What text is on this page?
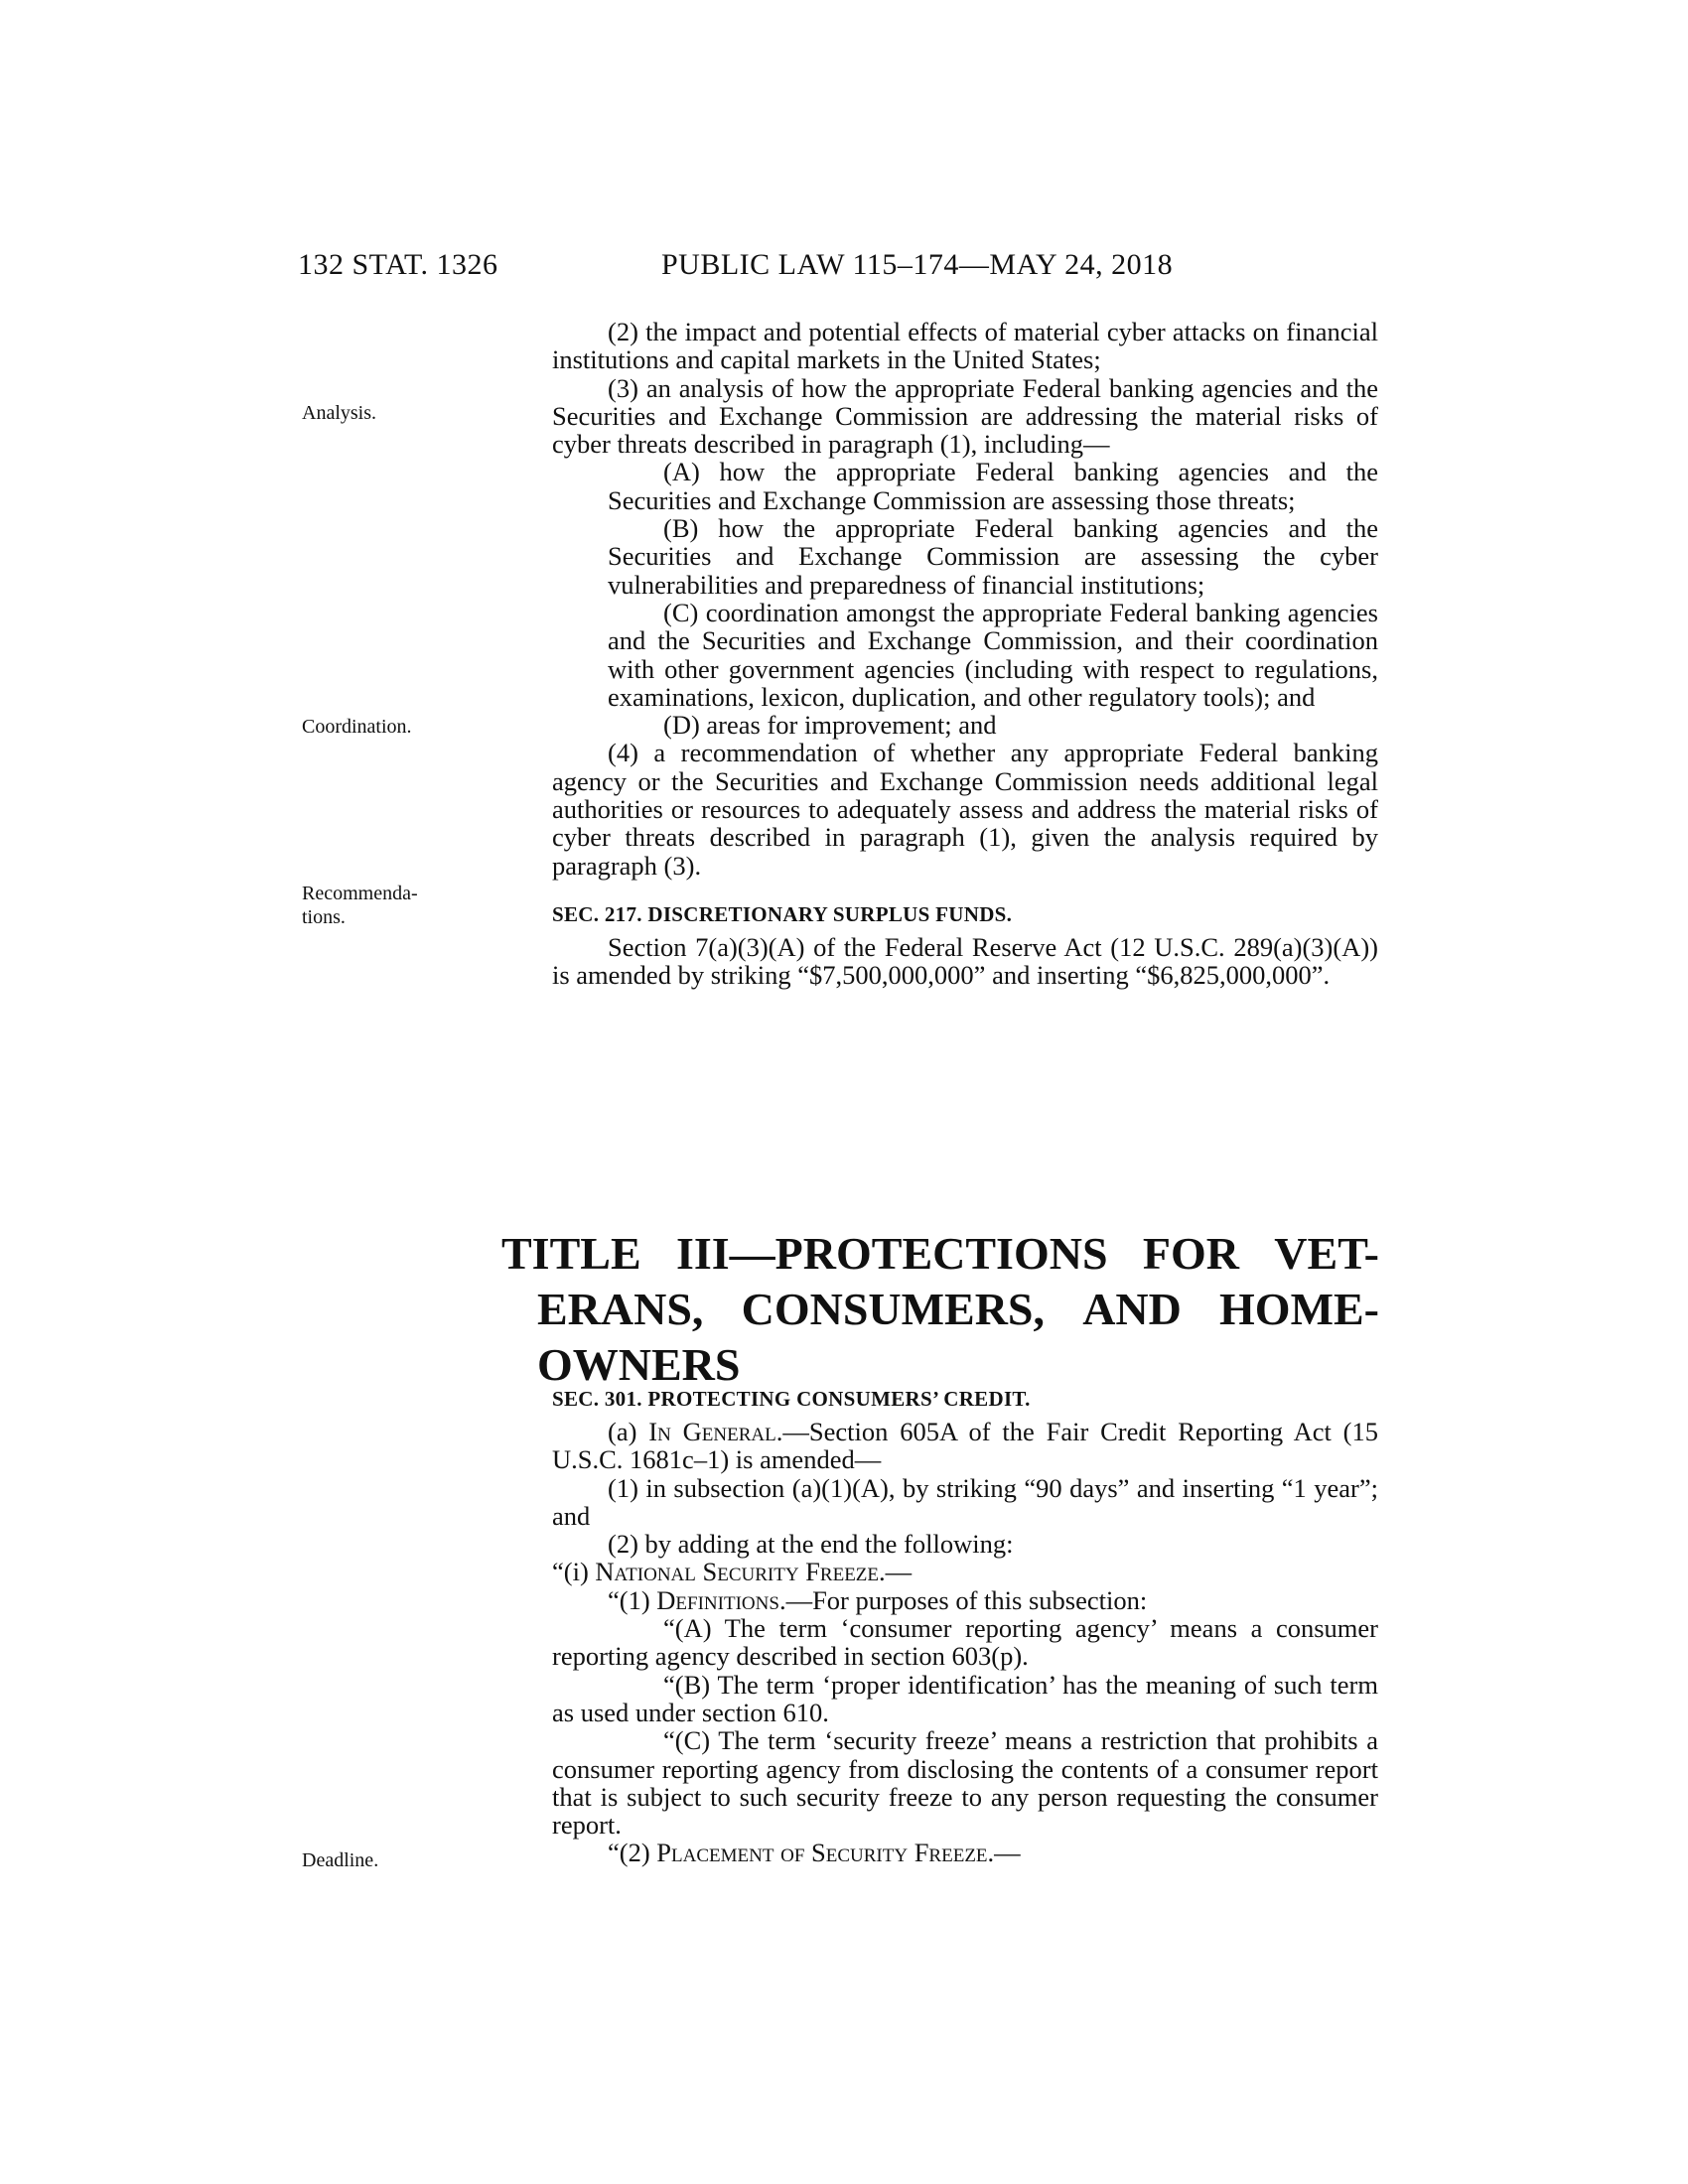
132 STAT. 1326	PUBLIC LAW 115–174—MAY 24, 2018
Analysis.
Coordination.
Recommenda- tions.
Deadline.

(2) the impact and potential effects of material cyber attacks on financial institutions and capital markets in the United States;

(3) an analysis of how the appropriate Federal banking agencies and the Securities and Exchange Commission are addressing the material risks of cyber threats described in paragraph (1), including—

(A) how the appropriate Federal banking agencies and the Securities and Exchange Commission are assessing those threats;

(B) how the appropriate Federal banking agencies and the Securities and Exchange Commission are assessing the cyber vulnerabilities and preparedness of financial institutions;

(C) coordination amongst the appropriate Federal banking agencies and the Securities and Exchange Commission, and their coordination with other government agencies (including with respect to regulations, examinations, lexicon, duplication, and other regulatory tools); and

(D) areas for improvement; and

(4) a recommendation of whether any appropriate Federal banking agency or the Securities and Exchange Commission needs additional legal authorities or resources to adequately assess and address the material risks of cyber threats described in paragraph (1), given the analysis required by paragraph (3).

SEC. 217. DISCRETIONARY SURPLUS FUNDS.

Section 7(a)(3)(A) of the Federal Reserve Act (12 U.S.C. 289(a)(3)(A)) is amended by striking “$7,500,000,000” and inserting “$6,825,000,000”.

TITLE III—PROTECTIONS FOR VET-
ERANS, CONSUMERS, AND HOME-
OWNERS
SEC. 301. PROTECTING CONSUMERS’ CREDIT.

(a) In General.—Section 605A of the Fair Credit Reporting Act (15 U.S.C. 1681c–1) is amended—

(1) in subsection (a)(1)(A), by striking “90 days” and inserting “1 year”; and

(2) by adding at the end the following:

“(i) National Security Freeze.—

“(1) Definitions.—For purposes of this subsection:

“(A) The term ‘consumer reporting agency’ means a consumer reporting agency described in section 603(p).

“(B) The term ‘proper identification’ has the meaning of such term as used under section 610.

“(C) The term ‘security freeze’ means a restriction that prohibits a consumer reporting agency from disclosing the contents of a consumer report that is subject to such security freeze to any person requesting the consumer report.

“(2) Placement of Security Freeze.—
